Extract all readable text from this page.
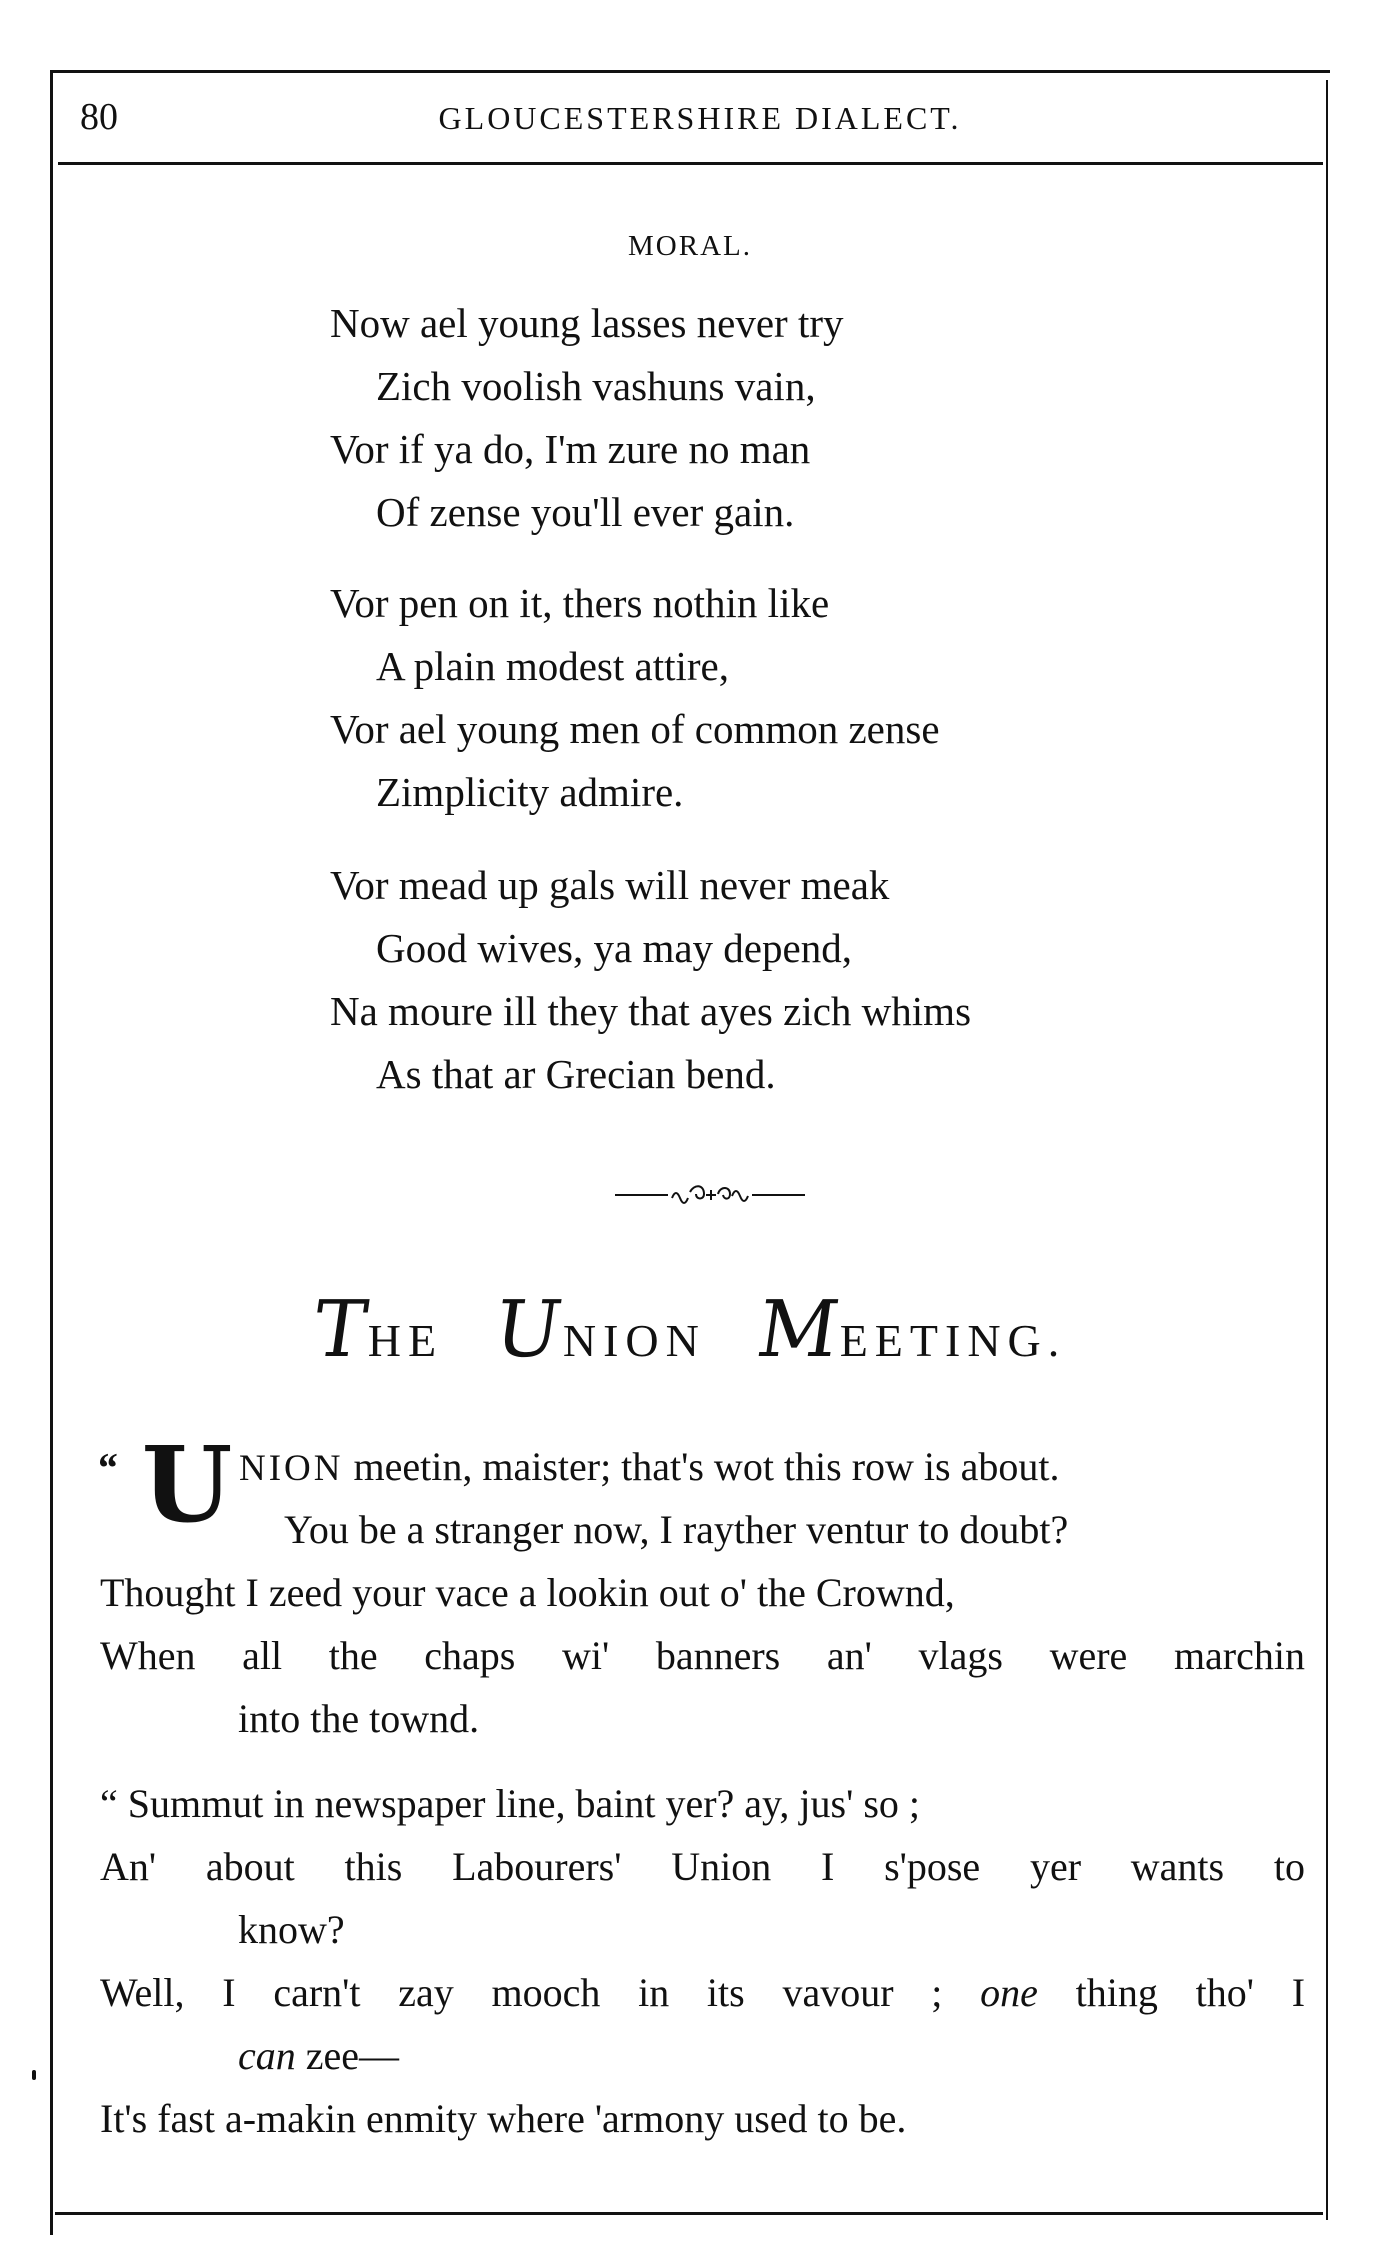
80	GLOUCESTERSHIRE DIALECT.
MORAL.
Now ael young lasses never try
Zich voolish vashuns vain,
Vor if ya do, I'm zure no man
Of zense you'll ever gain.
Vor pen on it, thers nothin like
A plain modest attire,
Vor ael young men of common zense
Zimplicity admire.
Vor mead up gals will never meak
Good wives, ya may depend,
Na moure ill they that ayes zich whims
As that ar Grecian bend.
THE UNION MEETING.
“ U NION meetin, maister; that's wot this row is about.
You be a stranger now, I rayther ventur to doubt?
Thought I zeed your vace a lookin out o' the Crownd,
When all the chaps wi' banners an' vlags were marchin
into the townd.
“ Summut in newspaper line, baint yer? ay, jus' so ;
An' about this Labourers' Union I s'pose yer wants to
know?
Well, I carn't zay mooch in its vavour ; one thing tho' I
can zee—
It's fast a-makin enmity where 'armony used to be.
